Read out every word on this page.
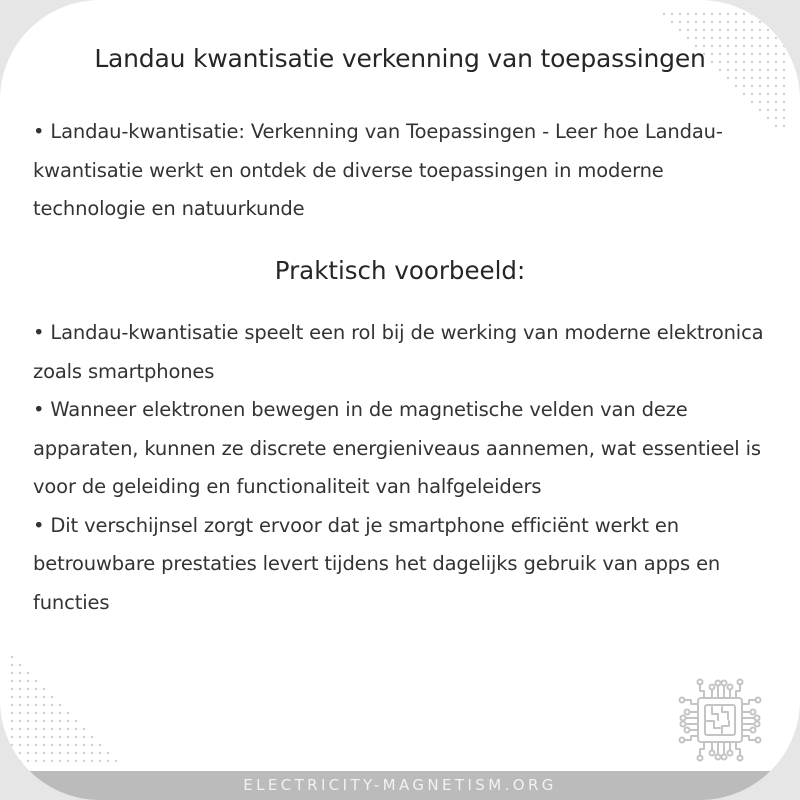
Landau kwantisatie verkenning van toepassingen

• Landau-kwantisatie: Verkenning van Toepassingen - Leer hoe Landau-kwantisatie werkt en ontdek de diverse toepassingen in moderne technologie en natuurkunde

Praktisch voorbeeld:

• Landau-kwantisatie speelt een rol bij de werking van moderne elektronica zoals smartphones

• Wanneer elektronen bewegen in de magnetische velden van deze apparaten, kunnen ze discrete energieniveaus aannemen, wat essentieel is voor de geleiding en functionaliteit van halfgeleiders

• Dit verschijnsel zorgt ervoor dat je smartphone efficiënt werkt en betrouwbare prestaties levert tijdens het dagelijks gebruik van apps en functies

ELECTRICITY-MAGNETISM.ORG
